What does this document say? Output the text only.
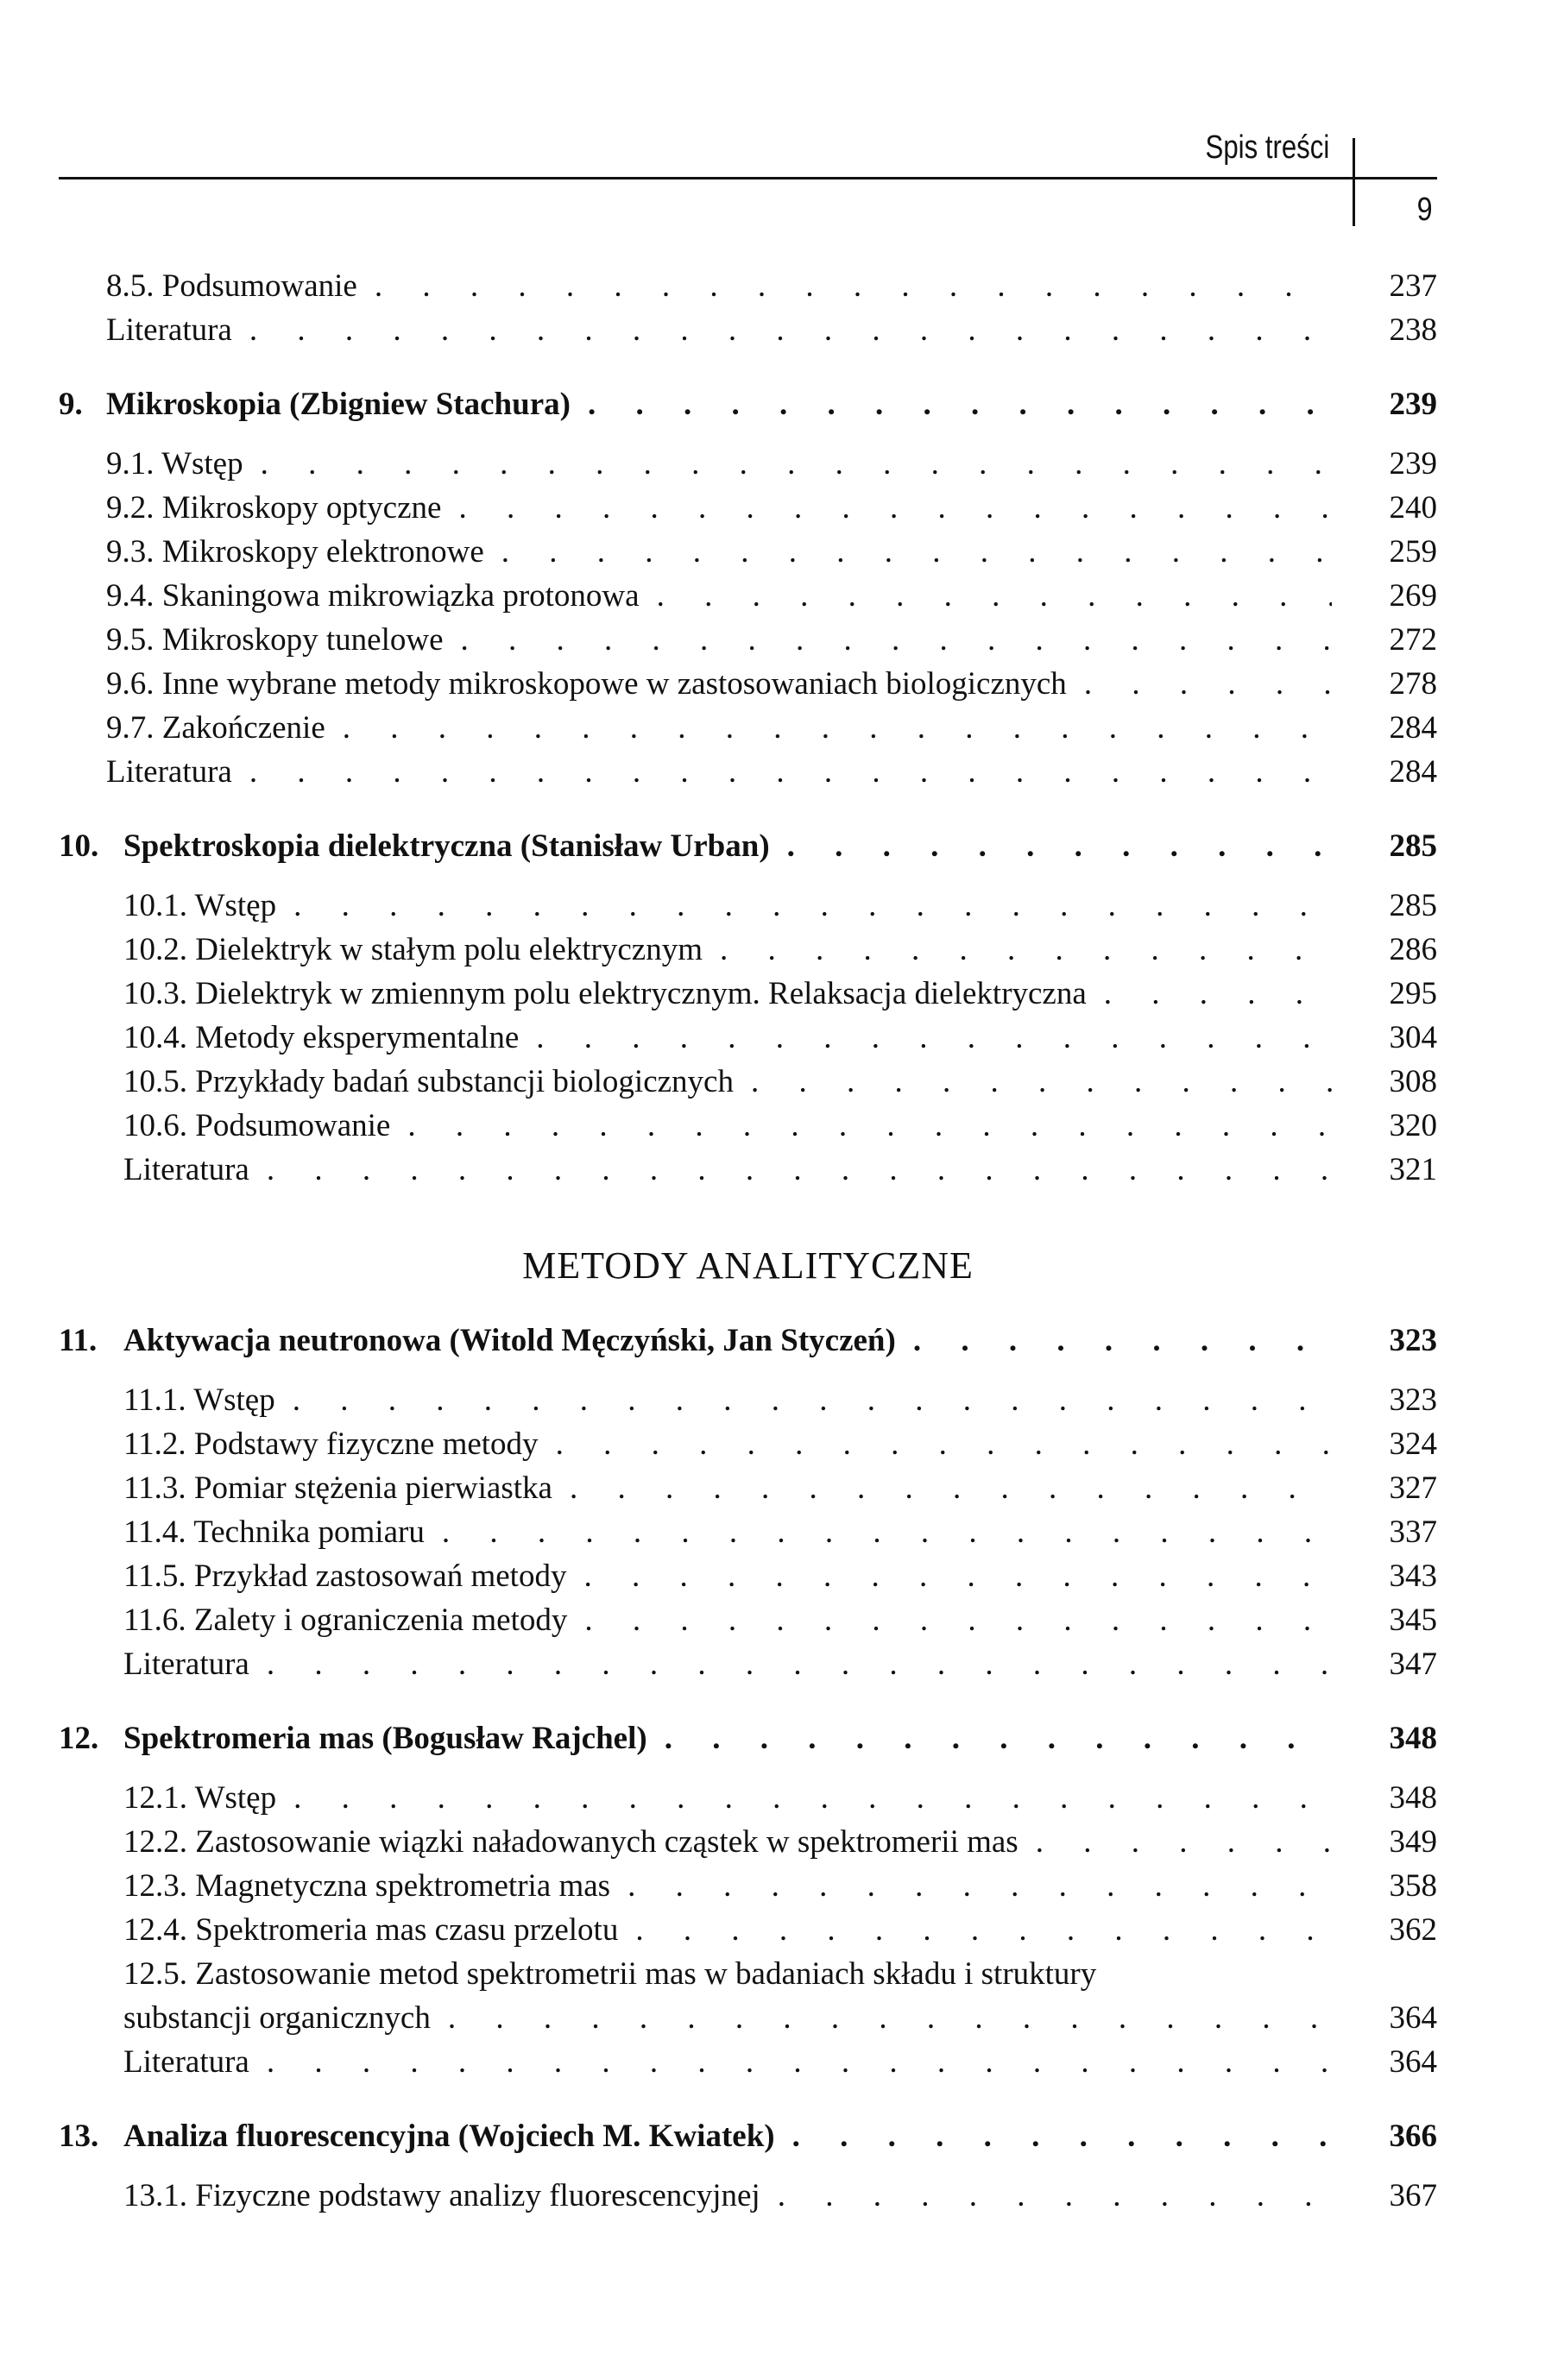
Spis treści
9
8.5. Podsumowanie . . .	237
Literatura . . .	238
9. Mikroskopia (Zbigniew Stachura) . . .	239
9.1. Wstęp . . .	239
9.2. Mikroskopy optyczne . . .	240
9.3. Mikroskopy elektronowe . . .	259
9.4. Skaningowa mikrowiązka protonowa . . .	269
9.5. Mikroskopy tunelowe . . .	272
9.6. Inne wybrane metody mikroskopowe w zastosowaniach biologicznych . . .	278
9.7. Zakończenie . . .	284
Literatura . . .	284
10. Spektroskopia dielektryczna (Stanisław Urban) . . .	285
10.1. Wstęp . . .	285
10.2. Dielektryk w stałym polu elektrycznym . . .	286
10.3. Dielektryk w zmiennym polu elektrycznym. Relaksacja dielektryczna . . .	295
10.4. Metody eksperymentalne . . .	304
10.5. Przykłady badań substancji biologicznych . . .	308
10.6. Podsumowanie . . .	320
Literatura . . .	321
METODY ANALITYCZNE
11. Aktywacja neutronowa (Witold Męczyński, Jan Styczeń) . . .	323
11.1. Wstęp . . .	323
11.2. Podstawy fizyczne metody . . .	324
11.3. Pomiar stężenia pierwiastka . . .	327
11.4. Technika pomiaru . . .	337
11.5. Przykład zastosowań metody . . .	343
11.6. Zalety i ograniczenia metody . . .	345
Literatura . . .	347
12. Spektromeria mas (Bogusław Rajchel) . . .	348
12.1. Wstęp . . .	348
12.2. Zastosowanie wiązki naładowanych cząstek w spektromerii mas . . .	349
12.3. Magnetyczna spektrometria mas . . .	358
12.4. Spektromeria mas czasu przelotu . . .	362
12.5. Zastosowanie metod spektrometrii mas w badaniach składu i struktury
substancji organicznych . . .	364
Literatura . . .	364
13. Analiza fluorescencyjna (Wojciech M. Kwiatek) . . .	366
13.1. Fizyczne podstawy analizy fluorescencyjnej . . .	367
